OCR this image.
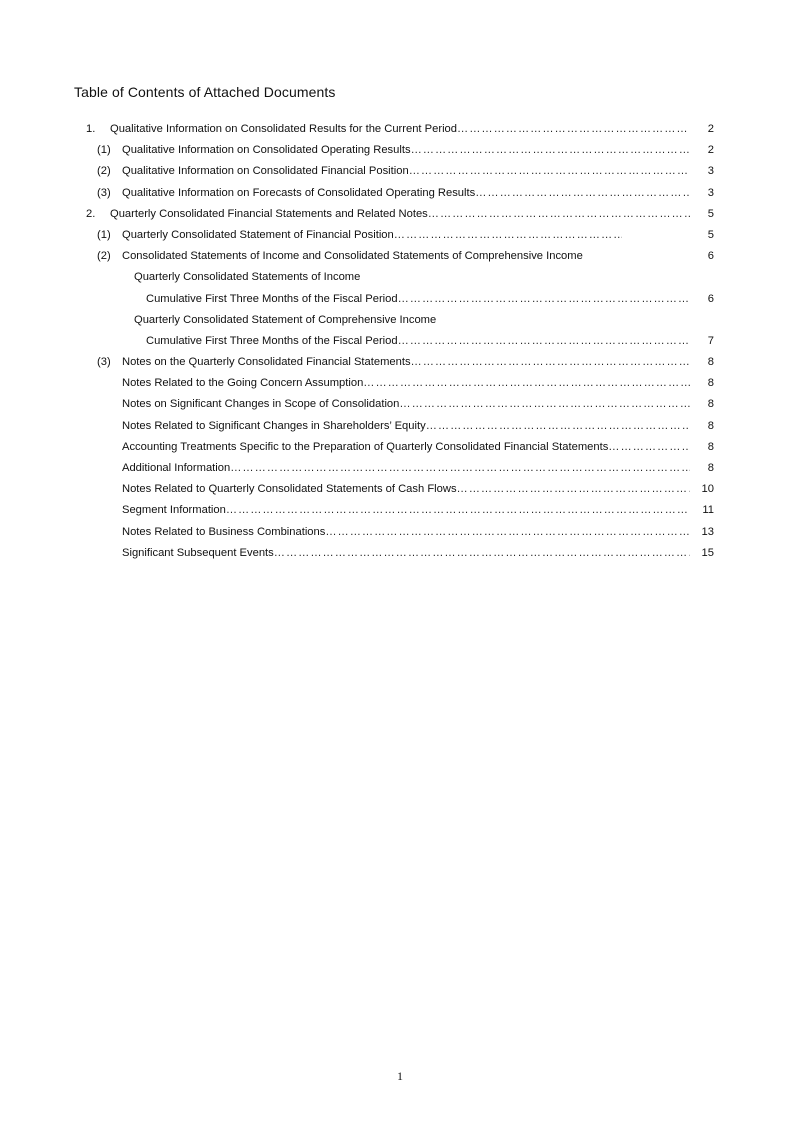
Table of Contents of Attached Documents
1. Qualitative Information on Consolidated Results for the Current Period …………………………………………………………………………………………………………………………………………………………………………………………………	2
(1) Qualitative Information on Consolidated Operating Results …………………………………………………………………………………………………………………………………………………………………………………………………	2
(2) Qualitative Information on Consolidated Financial Position …………………………………………………………………………………………………………………………………………………………………………………………………	3
(3) Qualitative Information on Forecasts of Consolidated Operating Results …………………………………………………………………………………………………………………………………………………………………………………………………	3
2. Quarterly Consolidated Financial Statements and Related Notes …………………………………………………………………………………………………………………………………………………………………………………………………	5
(1) Quarterly Consolidated Statement of Financial Position …………………………………………………………………………………………………………………………………………………………………………………………………	5
(2) Consolidated Statements of Income and Consolidated Statements of Comprehensive Income	6
Quarterly Consolidated Statements of Income
Cumulative First Three Months of the Fiscal Period …………………………………………………………………………………………………………………………………………………………………………………………………	6
Quarterly Consolidated Statement of Comprehensive Income
Cumulative First Three Months of the Fiscal Period …………………………………………………………………………………………………………………………………………………………………………………………………	7
(3) Notes on the Quarterly Consolidated Financial Statements …………………………………………………………………………………………………………………………………………………………………………………………………	8
Notes Related to the Going Concern Assumption …………………………………………………………………………………………………………………………………………………………………………………………………	8
Notes on Significant Changes in Scope of Consolidation …………………………………………………………………………………………………………………………………………………………………………………………………	8
Notes Related to Significant Changes in Shareholders’ Equity …………………………………………………………………………………………………………………………………………………………………………………………………	8
Accounting Treatments Specific to the Preparation of Quarterly Consolidated Financial Statements …………………………………………………………………………………………………………………………………………………………………………………………………	8
Additional Information …………………………………………………………………………………………………………………………………………………………………………………………………	8
Notes Related to Quarterly Consolidated Statements of Cash Flows …………………………………………………………………………………………………………………………………………………………………………………………………	10
Segment Information …………………………………………………………………………………………………………………………………………………………………………………………………	11
Notes Related to Business Combinations …………………………………………………………………………………………………………………………………………………………………………………………………	13
Significant Subsequent Events …………………………………………………………………………………………………………………………………………………………………………………………………	15
1
